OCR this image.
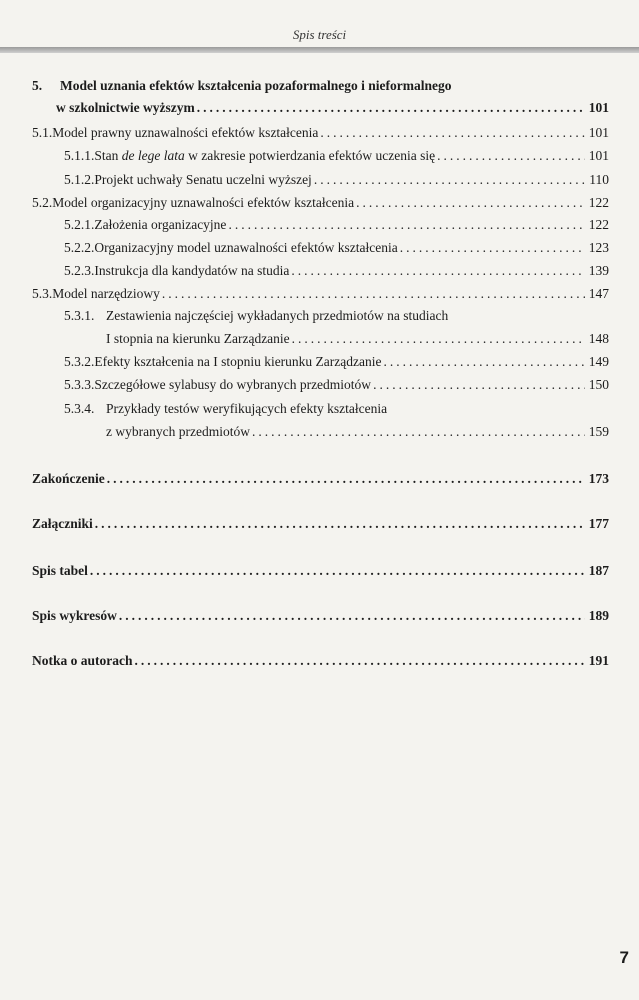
Spis treści
5.	Model uznania efektów kształcenia pozaformalnego i nieformalnego
w szkolnictwie wyższym .....	101
5.1. Model prawny uznawalności efektów kształcenia .....	101
5.1.1. Stan de lege lata w zakresie potwierdzania efektów uczenia się .....	101
5.1.2. Projekt uchwały Senatu uczelni wyższej .....	110
5.2. Model organizacyjny uznawalności efektów kształcenia .....	122
5.2.1. Założenia organizacyjne .....	122
5.2.2. Organizacyjny model uznawalności efektów kształcenia .....	123
5.2.3. Instrukcja dla kandydatów na studia .....	139
5.3. Model narzędziowy .....	147
5.3.1. Zestawienia najczęściej wykładanych przedmiotów na studiach
I stopnia na kierunku Zarządzanie .....	148
5.3.2. Efekty kształcenia na I stopniu kierunku Zarządzanie .....	149
5.3.3. Szczegółowe sylabusy do wybranych przedmiotów .....	150
5.3.4. Przykłady testów weryfikujących efekty kształcenia
z wybranych przedmiotów .....	159
Zakończenie .....	173
Załączniki .....	177
Spis tabel .....	187
Spis wykresów .....	189
Notka o autorach .....	191
7
